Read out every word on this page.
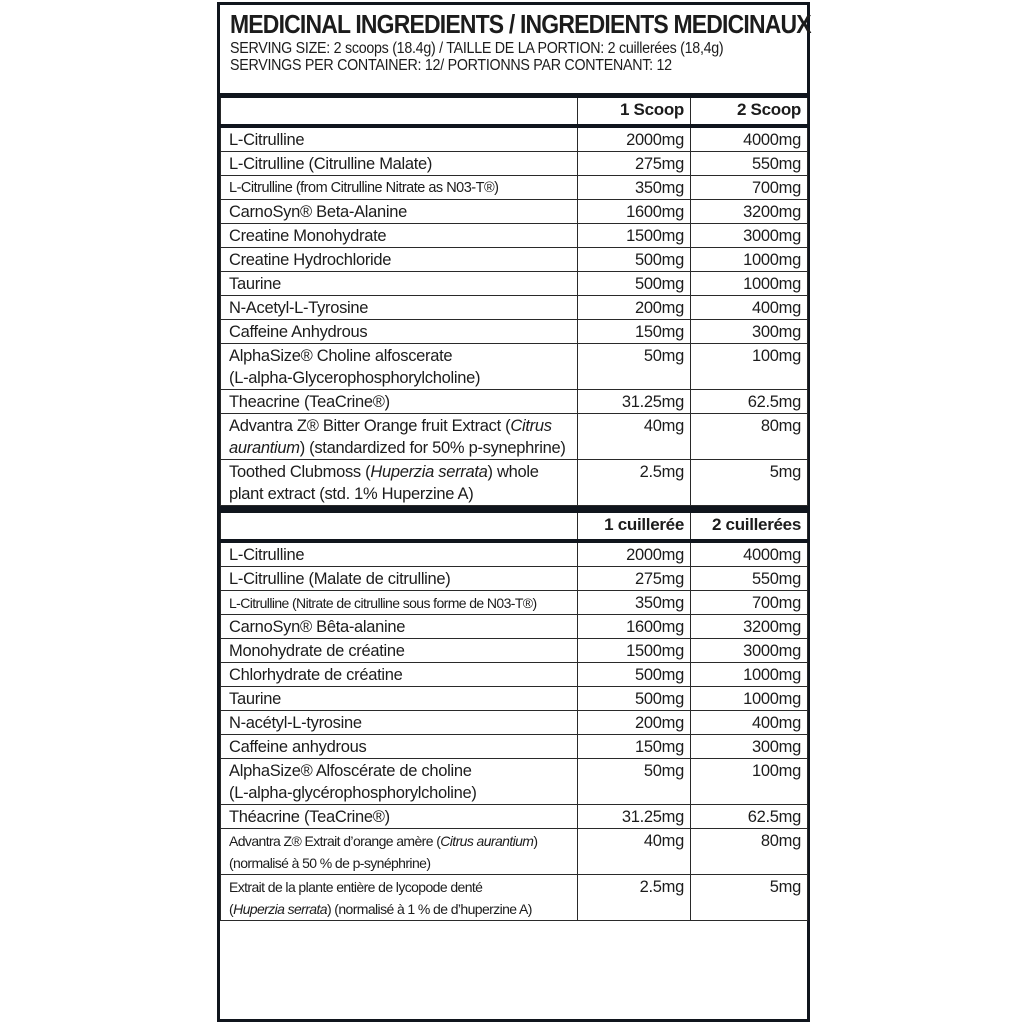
MEDICINAL INGREDIENTS / INGREDIENTS MEDICINAUX
SERVING SIZE: 2 scoops (18.4g) / TAILLE DE LA PORTION: 2 cuillerées (18,4g)
SERVINGS PER CONTAINER: 12/ PORTIONNS PAR CONTENANT: 12
	1 Scoop	2 Scoop
L-Citrulline	2000mg	4000mg
L-Citrulline (Citrulline Malate)	275mg	550mg
L-Citrulline (from Citrulline Nitrate as N03-T®)	350mg	700mg
CarnoSyn® Beta-Alanine	1600mg	3200mg
Creatine Monohydrate	1500mg	3000mg
Creatine Hydrochloride	500mg	1000mg
Taurine	500mg	1000mg
N-Acetyl-L-Tyrosine	200mg	400mg
Caffeine Anhydrous	150mg	300mg

AlphaSize® Choline alfoscerate
(L-alpha-Glycerophosphorylcholine)	50mg	100mg
Theacrine (TeaCrine®)	31.25mg	62.5mg

Advantra Z® Bitter Orange fruit Extract (Citrus
aurantium) (standardized for 50% p-synephrine)	40mg	80mg

Toothed Clubmoss (Huperzia serrata) whole
plant extract (std. 1% Huperzine A)	2.5mg	5mg
	1 cuillerée	2 cuillerées
L-Citrulline	2000mg	4000mg
L-Citrulline (Malate de citrulline)	275mg	550mg
L-Citrulline (Nitrate de citrulline sous forme de N03-T®)	350mg	700mg
CarnoSyn® Bêta-alanine	1600mg	3200mg
Monohydrate de créatine	1500mg	3000mg
Chlorhydrate de créatine	500mg	1000mg
Taurine	500mg	1000mg
N-acétyl-L-tyrosine	200mg	400mg
Caffeine anhydrous	150mg	300mg

AlphaSize® Alfoscérate de choline
(L-alpha-glycérophosphorylcholine)	50mg	100mg
Théacrine (TeaCrine®)	31.25mg	62.5mg

Advantra Z® Extrait d’orange amère (Citrus aurantium)
(normalisé à 50 % de p-synéphrine)	40mg	80mg

Extrait de la plante entière de lycopode denté
(Huperzia serrata) (normalisé à 1 % de d’huperzine A)	2.5mg	5mg
